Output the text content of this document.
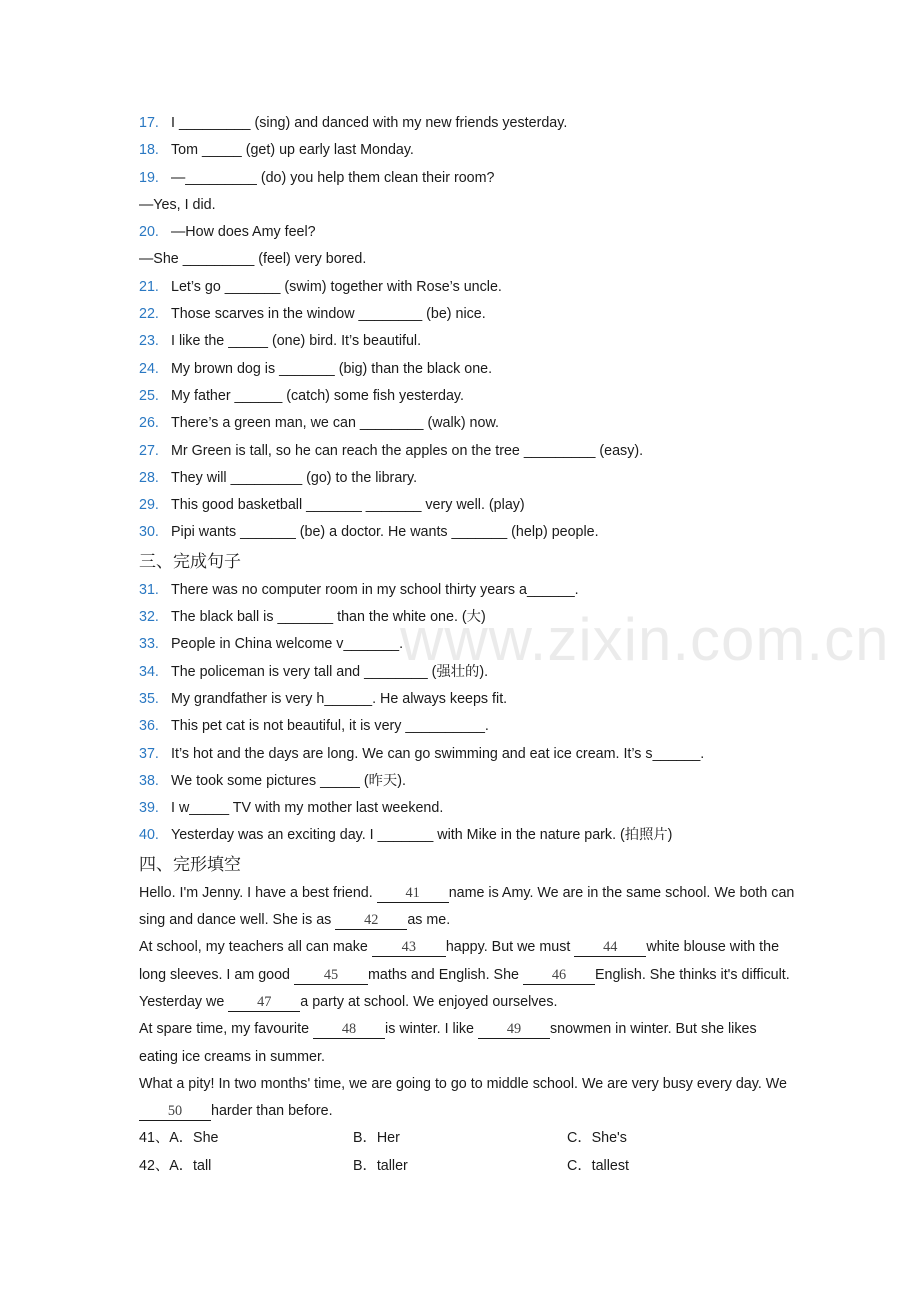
www.zixin.com.cn
17. I _________ (sing) and danced with my new friends yesterday.
18. Tom _____ (get) up early last Monday.
19. —_________ (do) you help them clean their room?
—Yes, I did.
20. —How does Amy feel?
—She _________ (feel) very bored.
21. Let’s go _______ (swim) together with Rose’s uncle.
22. Those scarves in the window ________ (be) nice.
23. I like the _____ (one) bird. It’s beautiful.
24. My brown dog is _______ (big) than the black one.
25. My father ______ (catch) some fish yesterday.
26. There’s a green man, we can ________ (walk) now.
27. Mr Green is tall, so he can reach the apples on the tree _________ (easy).
28. They will _________ (go) to the library.
29. This good basketball _______ _______ very well. (play)
30. Pipi wants _______ (be) a doctor. He wants _______ (help) people.
三、完成句子
31. There was no computer room in my school thirty years a______.
32. The black ball is _______ than the white one. (大)
33. People in China welcome v_______.
34. The policeman is very tall and ________ (强壮的).
35. My grandfather is very h______. He always keeps fit.
36. This pet cat is not beautiful, it is very __________.
37. It’s hot and the days are long. We can go swimming and eat ice cream. It’s s______.
38. We took some pictures _____ (昨天).
39. I w_____ TV with my mother last weekend.
40. Yesterday was an exciting day. I _______ with Mike in the nature park. (拍照片)
四、完形填空

Hello. I'm Jenny. I have a best friend. 41 name is Amy. We are in the same school. We both can sing and dance well. She is as 42 as me.

At school, my teachers all can make 43 happy. But we must 44 white blouse with the long sleeves. I am good 45 maths and English. She 46 English. She thinks it's difficult. Yesterday we 47 a party at school. We enjoyed ourselves.

At spare time, my favourite 48 is winter. I like 49 snowmen in winter. But she likes eating ice creams in summer.

What a pity! In two months' time, we are going to go to middle school. We are very busy every day. We 50 harder than before.

41、A．She	B．Her	C．She's
42、A．tall	B．taller	C．tallest
